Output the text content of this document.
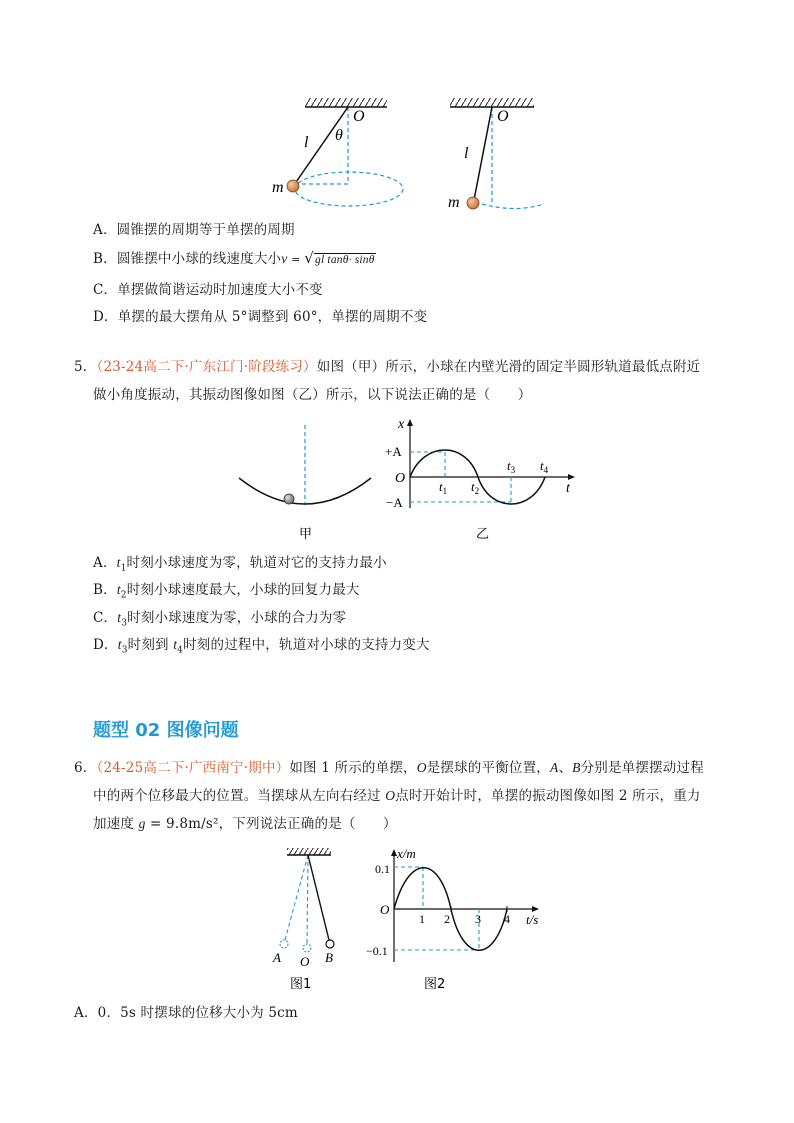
O
l θ
m
O
l
m
A．圆锥摆的周期等于单摆的周期
B．圆锥摆中小球的线速度大小v = √gl tanθ· sinθ
C．单摆做简谐运动时加速度大小不变
D．单摆的最大摆角从 5°调整到 60°，单摆的周期不变
5．（23-24高二下·广东江门·阶段练习）如图（甲）所示，小球在内壁光滑的固定半圆形轨道最低点附近
做小角度振动，其振动图像如图（乙）所示，以下说法正确的是（　　）
甲
x
t
+A
−A
O
$t_1$ $t_2$
$t_3$ $t_4$
乙
A．$t_1$时刻小球速度为零，轨道对它的支持力最小
B．$t_2$时刻小球速度最大，小球的回复力最大
C．$t_3$时刻小球速度为零，小球的合力为零
D．$t_3$时刻到 $t_4$时刻的过程中，轨道对小球的支持力变大
题型 02 图像问题
6．（24-25高二下·广西南宁·期中）如图 1 所示的单摆，O是摆球的平衡位置，A、B分别是单摆摆动过程
中的两个位移最大的位置。当摆球从左向右经过 O点时开始计时，单摆的振动图像如图 2 所示，重力
加速度 g = 9.8m/s²，下列说法正确的是（　　）
A O B
图1
x/m
t/s
0.1
−0.1
O
1 2 3 4
图2
A．0．5s 时摆球的位移大小为 5cm
